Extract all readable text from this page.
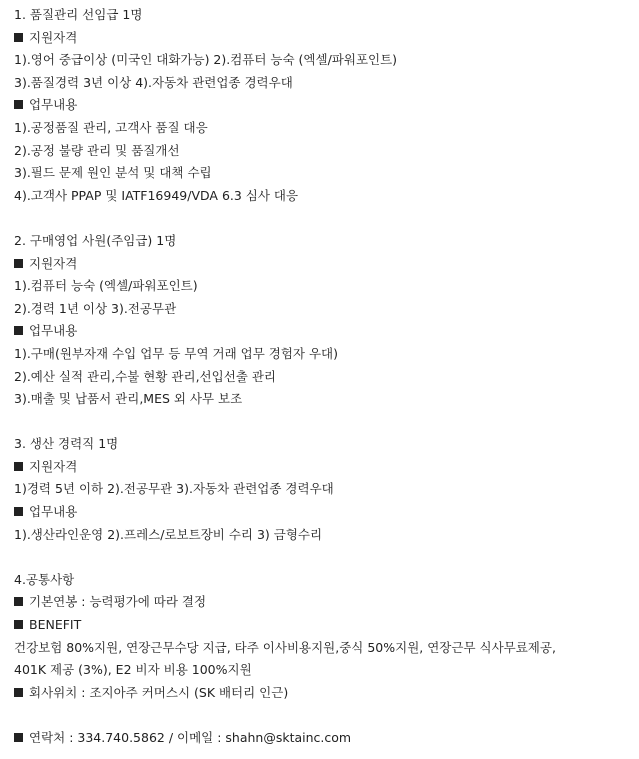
1. 품질관리 선임급 1명
지원자격
1).영어 중급이상 (미국인 대화가능) 2).컴퓨터 능숙 (엑셀/파워포인트)
3).품질경력 3년 이상 4).자동차 관련업종 경력우대
업무내용
1).공정품질 관리, 고객사 품질 대응
2).공정 불량 관리 및 품질개선
3).필드 문제 원인 분석 및 대책 수립
4).고객사 PPAP 및 IATF16949/VDA 6.3 심사 대응
2. 구매영업 사원(주임급) 1명
지원자격
1).컴퓨터 능숙 (엑셀/파워포인트)
2).경력 1년 이상 3).전공무관
업무내용
1).구매(원부자재 수입 업무 등 무역 거래 업무 경험자 우대)
2).예산 실적 관리,수불 현황 관리,선입선출 관리
3).매출 및 납품서 관리,MES 외 사무 보조
3. 생산 경력직 1명
지원자격
1)경력 5년 이하 2).전공무관 3).자동차 관련업종 경력우대
업무내용
1).생산라인운영 2).프레스/로보트장비 수리 3) 금형수리
4.공통사항
기본연봉 : 능력평가에 따라 결정
BENEFIT
건강보험 80%지원, 연장근무수당 지급, 타주 이사비용지원,중식 50%지원, 연장근무 식사무료제공,
401K 제공 (3%), E2 비자 비용 100%지원
회사위치 : 조지아주 커머스시 (SK 배터리 인근)
연락처 : 334.740.5862 / 이메일 : shahn@sktainc.com
